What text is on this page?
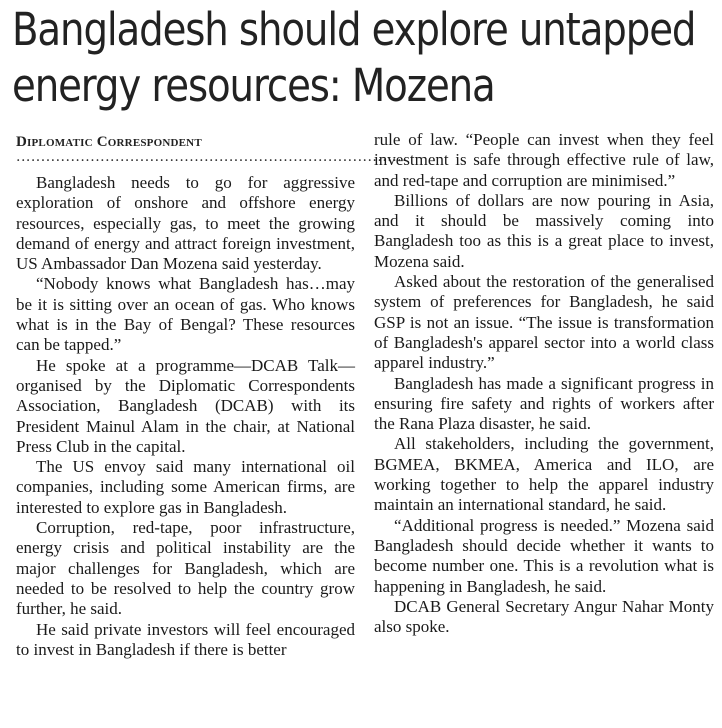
Bangladesh should explore untapped
energy resources: Mozena
Diplomatic Correspondent
...............................................................................

Bangladesh needs to go for aggressive exploration of onshore and offshore energy resources, especially gas, to meet the growing demand of energy and attract foreign investment, US Ambassador Dan Mozena said yesterday.

“Nobody knows what Bangladesh has…may be it is sitting over an ocean of gas. Who knows what is in the Bay of Bengal? These resources can be tapped.”

He spoke at a programme—DCAB Talk—organised by the Diplomatic Correspondents Association, Bangladesh (DCAB) with its President Mainul Alam in the chair, at National Press Club in the capital.

The US envoy said many international oil companies, including some American firms, are interested to explore gas in Bangladesh.

Corruption, red-tape, poor infrastructure, energy crisis and political instability are the major challenges for Bangladesh, which are needed to be resolved to help the country grow further, he said.

He said private investors will feel encouraged to invest in Bangladesh if there is better

rule of law. “People can invest when they feel investment is safe through effective rule of law, and red-tape and corruption are minimised.”

Billions of dollars are now pouring in Asia, and it should be massively coming into Bangladesh too as this is a great place to invest, Mozena said.

Asked about the restoration of the generalised system of preferences for Bangladesh, he said GSP is not an issue. “The issue is transformation of Bangladesh's apparel sector into a world class apparel industry.”

Bangladesh has made a significant progress in ensuring fire safety and rights of workers after the Rana Plaza disaster, he said.

All stakeholders, including the government, BGMEA, BKMEA, America and ILO, are working together to help the apparel industry maintain an international standard, he said.

“Additional progress is needed.” Mozena said Bangladesh should decide whether it wants to become number one. This is a revolution what is happening in Bangladesh, he said.

DCAB General Secretary Angur Nahar Monty also spoke.
